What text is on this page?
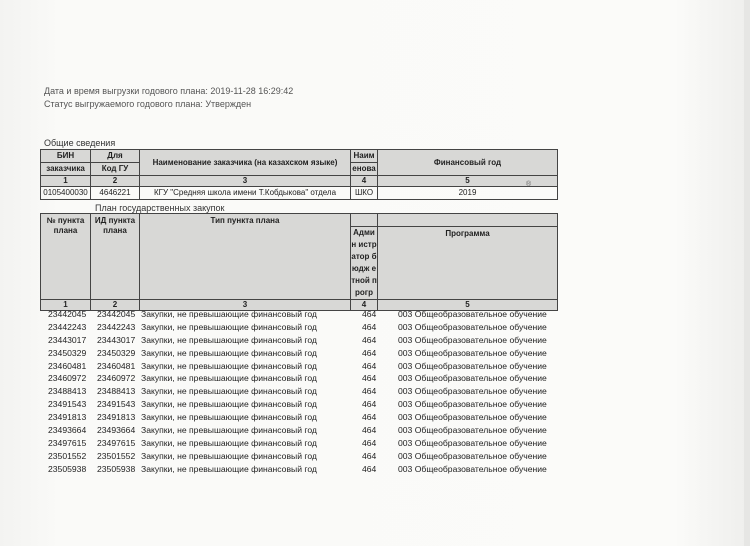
Дата и время выгрузки годового плана: 2019-11-28 16:29:42
Статус выгружаемого годового плана: Утвержден
Общие сведения
БИН	Для	Наименование заказчика (на казахском языке)	Наим	Финансовый год
заказчика	Код ГУ		енова	
1	2	3	4	5
0105400030	4646221	КГУ "Средняя школа имени Т.Кобдыкова" отдела	ШКО	2019
®
План государственных закупок
№ пункта плана	ИД пункта плана	Тип пункта плана		
			Админ истр атор бюдж етной прогр	Программа
1	2	3	4	5
23442045 23442045 Закупки, не превышающие финансовый год	464	003 Общеобразовательное обучение
23442243 23442243 Закупки, не превышающие финансовый год	464	003 Общеобразовательное обучение
23443017 23443017 Закупки, не превышающие финансовый год	464	003 Общеобразовательное обучение
23450329 23450329 Закупки, не превышающие финансовый год	464	003 Общеобразовательное обучение
23460481 23460481 Закупки, не превышающие финансовый год	464	003 Общеобразовательное обучение
23460972 23460972 Закупки, не превышающие финансовый год	464	003 Общеобразовательное обучение
23488413 23488413 Закупки, не превышающие финансовый год	464	003 Общеобразовательное обучение
23491543 23491543 Закупки, не превышающие финансовый год	464	003 Общеобразовательное обучение
23491813 23491813 Закупки, не превышающие финансовый год	464	003 Общеобразовательное обучение
23493664 23493664 Закупки, не превышающие финансовый год	464	003 Общеобразовательное обучение
23497615 23497615 Закупки, не превышающие финансовый год	464	003 Общеобразовательное обучение
23501552 23501552 Закупки, не превышающие финансовый год	464	003 Общеобразовательное обучение
23505938 23505938 Закупки, не превышающие финансовый год	464	003 Общеобразовательное обучение
